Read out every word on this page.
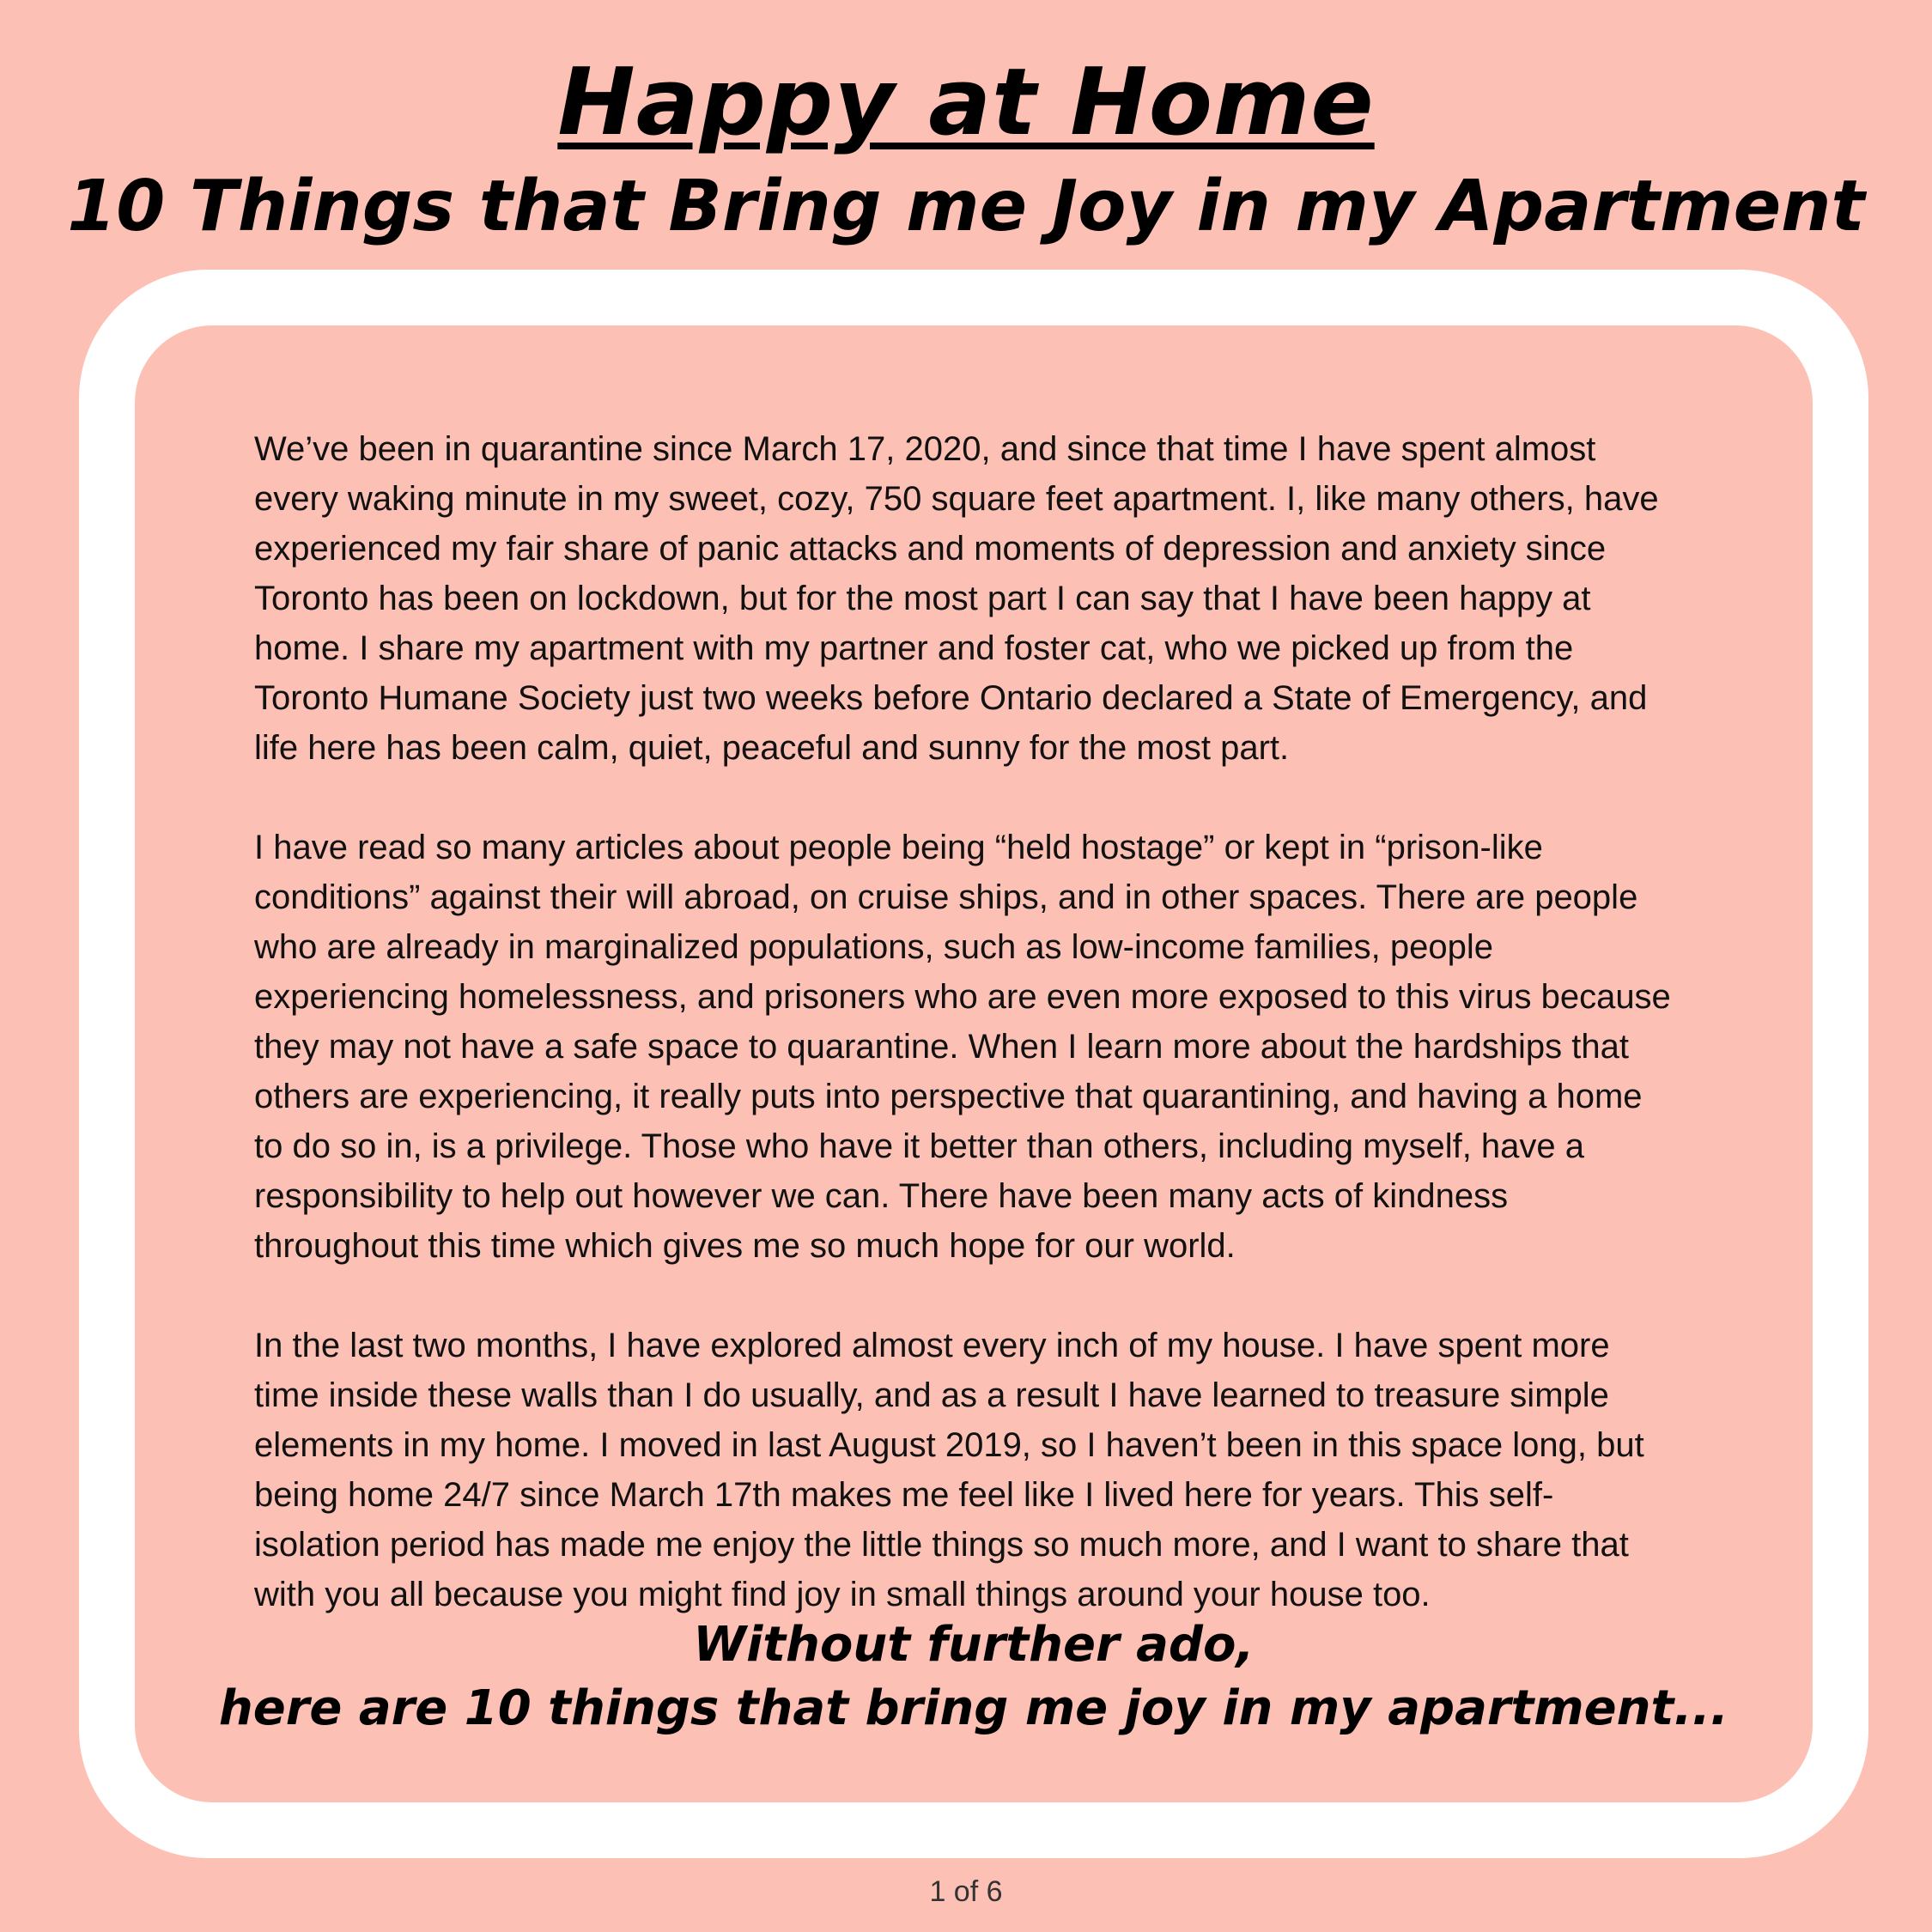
Happy at Home
10 Things that Bring me Joy in my Apartment

We’ve been in quarantine since March 17, 2020, and since that time I have spent almost every waking minute in my sweet, cozy, 750 square feet apartment. I, like many others, have experienced my fair share of panic attacks and moments of depression and anxiety since Toronto has been on lockdown, but for the most part I can say that I have been happy at home. I share my apartment with my partner and foster cat, who we picked up from the Toronto Humane Society just two weeks before Ontario declared a State of Emergency, and life here has been calm, quiet, peaceful and sunny for the most part.

I have read so many articles about people being “held hostage” or kept in “prison-like conditions” against their will abroad, on cruise ships, and in other spaces. There are people who are already in marginalized populations, such as low-income families, people experiencing homelessness, and prisoners who are even more exposed to this virus because they may not have a safe space to quarantine. When I learn more about the hardships that others are experiencing, it really puts into perspective that quarantining, and having a home to do so in, is a privilege. Those who have it better than others, including myself, have a responsibility to help out however we can. There have been many acts of kindness throughout this time which gives me so much hope for our world.

In the last two months, I have explored almost every inch of my house. I have spent more time inside these walls than I do usually, and as a result I have learned to treasure simple elements in my home. I moved in last August 2019, so I haven’t been in this space long, but being home 24/7 since March 17th makes me feel like I lived here for years. This self-isolation period has made me enjoy the little things so much more, and I want to share that with you all because you might find joy in small things around your house too.

Without further ado,
here are 10 things that bring me joy in my apartment...
1 of 6
